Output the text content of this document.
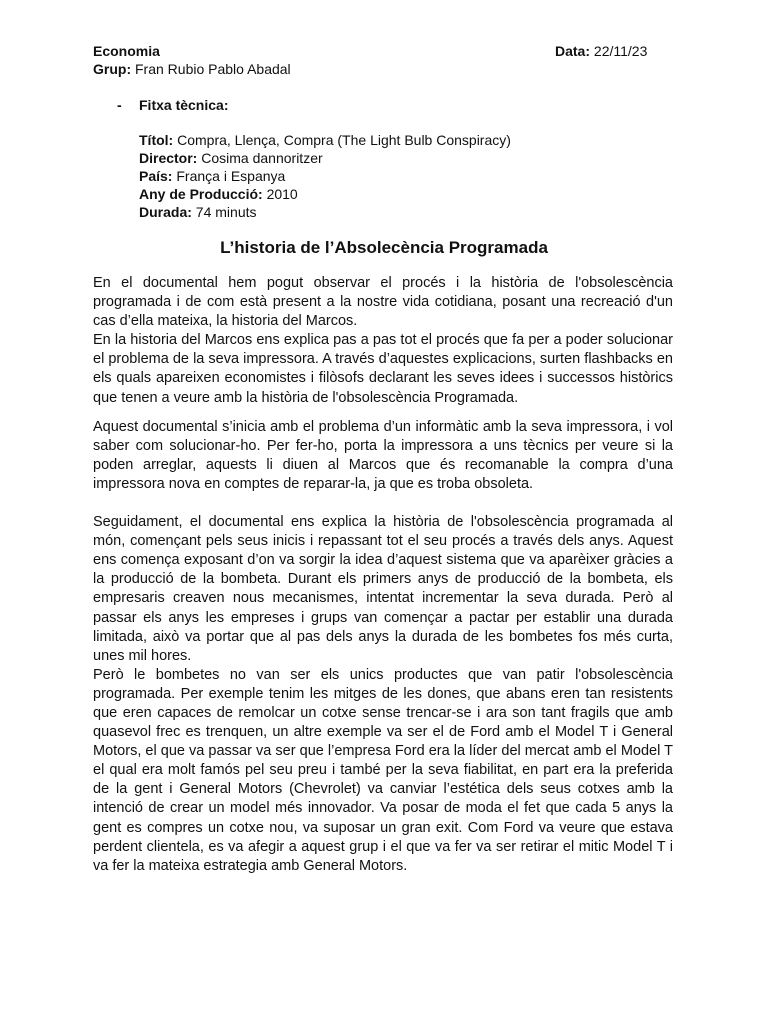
Economia	Data: 22/11/23
Grup: Fran Rubio Pablo Abadal
- Fitxa tècnica:
Títol: Compra, Llença, Compra (The Light Bulb Conspiracy)
Director: Cosima dannoritzer
País: França i Espanya
Any de Producció: 2010
Durada: 74 minuts
L’historia de l’Absolecència Programada

En el documental hem pogut observar el procés i la història de l'obsolescència programada i de com està present a la nostre vida cotidiana, posant una recreació d'un cas d’ella mateixa, la historia del Marcos.

En la historia del Marcos ens explica pas a pas tot el procés que fa per a poder solucionar el problema de la seva impressora. A través d’aquestes explicacions, surten flashbacks en els quals apareixen economistes i filòsofs declarant les seves idees i successos històrics que tenen a veure amb la història de l'obsolescència Programada.

Aquest documental s’inicia amb el problema d’un informàtic amb la seva impressora, i vol saber com solucionar-ho. Per fer-ho, porta la impressora a uns tècnics per veure si la poden arreglar, aquests li diuen al Marcos que és recomanable la compra d’una impressora nova en comptes de reparar-la, ja que es troba obsoleta.

Seguidament, el documental ens explica la història de l'obsolescència programada al món, començant pels seus inicis i repassant tot el seu procés a través dels anys. Aquest ens comença exposant d’on va sorgir la idea d’aquest sistema que va aparèixer gràcies a la producció de la bombeta. Durant els primers anys de producció de la bombeta, els empresaris creaven nous mecanismes, intentat incrementar la seva durada. Però al passar els anys les empreses i grups van començar a pactar per establir una durada limitada, això va portar que al pas dels anys la durada de les bombetes fos més curta, unes mil hores.

Però le bombetes no van ser els unics productes que van patir l'obsolescència programada. Per exemple tenim les mitges de les dones, que abans eren tan resistents que eren capaces de remolcar un cotxe sense trencar-se i ara son tant fragils que amb quasevol frec es trenquen, un altre exemple va ser el de Ford amb el Model T i General Motors, el que va passar va ser que l’empresa Ford era la líder del mercat amb el Model T el qual era molt famós pel seu preu i també per la seva fiabilitat, en part era la preferida de la gent i General Motors (Chevrolet) va canviar l’estética dels seus cotxes amb la intenció de crear un model més innovador. Va posar de moda el fet que cada 5 anys la gent es compres un cotxe nou, va suposar un gran exit. Com Ford va veure que estava perdent clientela, es va afegir a aquest grup i el que va fer va ser retirar el mitic Model T i va fer la mateixa estrategia amb General Motors.
